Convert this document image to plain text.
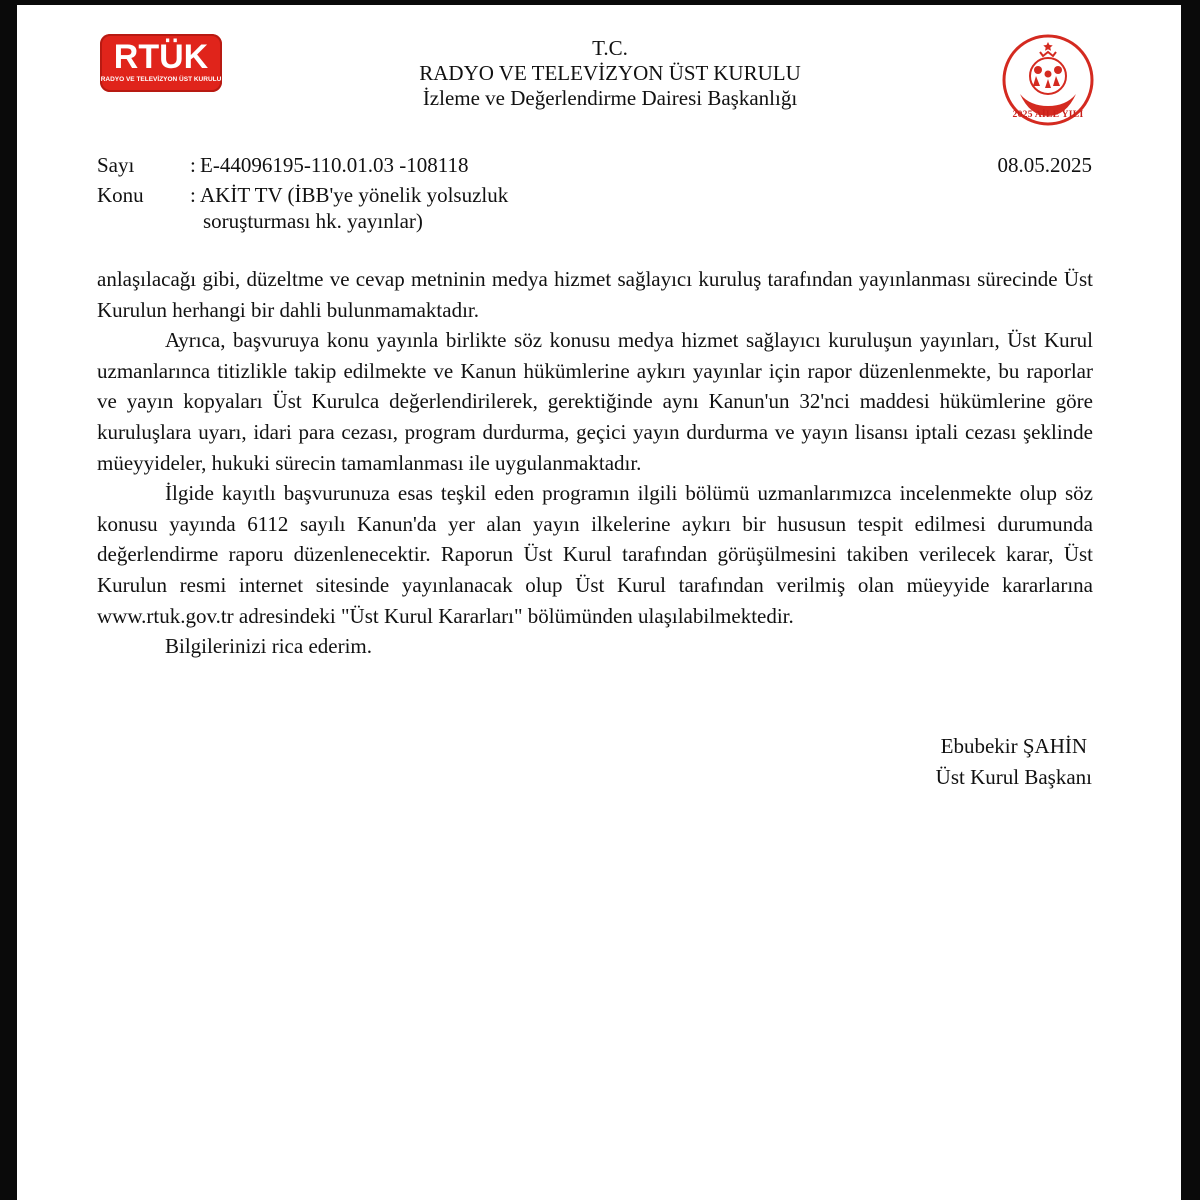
RTÜK
RADYO VE TELEVİZYON ÜST KURULU
2025 AİLE YILI
T.C.
RADYO VE TELEVİZYON ÜST KURULU
İzleme ve Değerlendirme Dairesi Başkanlığı
Sayı	: E-44096195-110.01.03 -108118	08.05.2025
Konu : AKİT TV (İBB'ye yönelik yolsuzluk
soruşturması hk. yayınlar)

anlaşılacağı gibi, düzeltme ve cevap metninin medya hizmet sağlayıcı kuruluş tarafından yayınlanması sürecinde Üst Kurulun herhangi bir dahli bulunmamaktadır.

Ayrıca, başvuruya konu yayınla birlikte söz konusu medya hizmet sağlayıcı kuruluşun yayınları, Üst Kurul uzmanlarınca titizlikle takip edilmekte ve Kanun hükümlerine aykırı yayınlar için rapor düzenlenmekte, bu raporlar ve yayın kopyaları Üst Kurulca değerlendirilerek, gerektiğinde aynı Kanun'un 32'nci maddesi hükümlerine göre kuruluşlara uyarı, idari para cezası, program durdurma, geçici yayın durdurma ve yayın lisansı iptali cezası şeklinde müeyyideler, hukuki sürecin tamamlanması ile uygulanmaktadır.

İlgide kayıtlı başvurunuza esas teşkil eden programın ilgili bölümü uzmanlarımızca incelenmekte olup söz konusu yayında 6112 sayılı Kanun'da yer alan yayın ilkelerine aykırı bir hususun tespit edilmesi durumunda değerlendirme raporu düzenlenecektir. Raporun Üst Kurul tarafından görüşülmesini takiben verilecek karar, Üst Kurulun resmi internet sitesinde yayınlanacak olup Üst Kurul tarafından verilmiş olan müeyyide kararlarına www.rtuk.gov.tr adresindeki "Üst Kurul Kararları" bölümünden ulaşılabilmektedir.

Bilgilerinizi rica ederim.

Ebubekir ŞAHİN
Üst Kurul Başkanı
